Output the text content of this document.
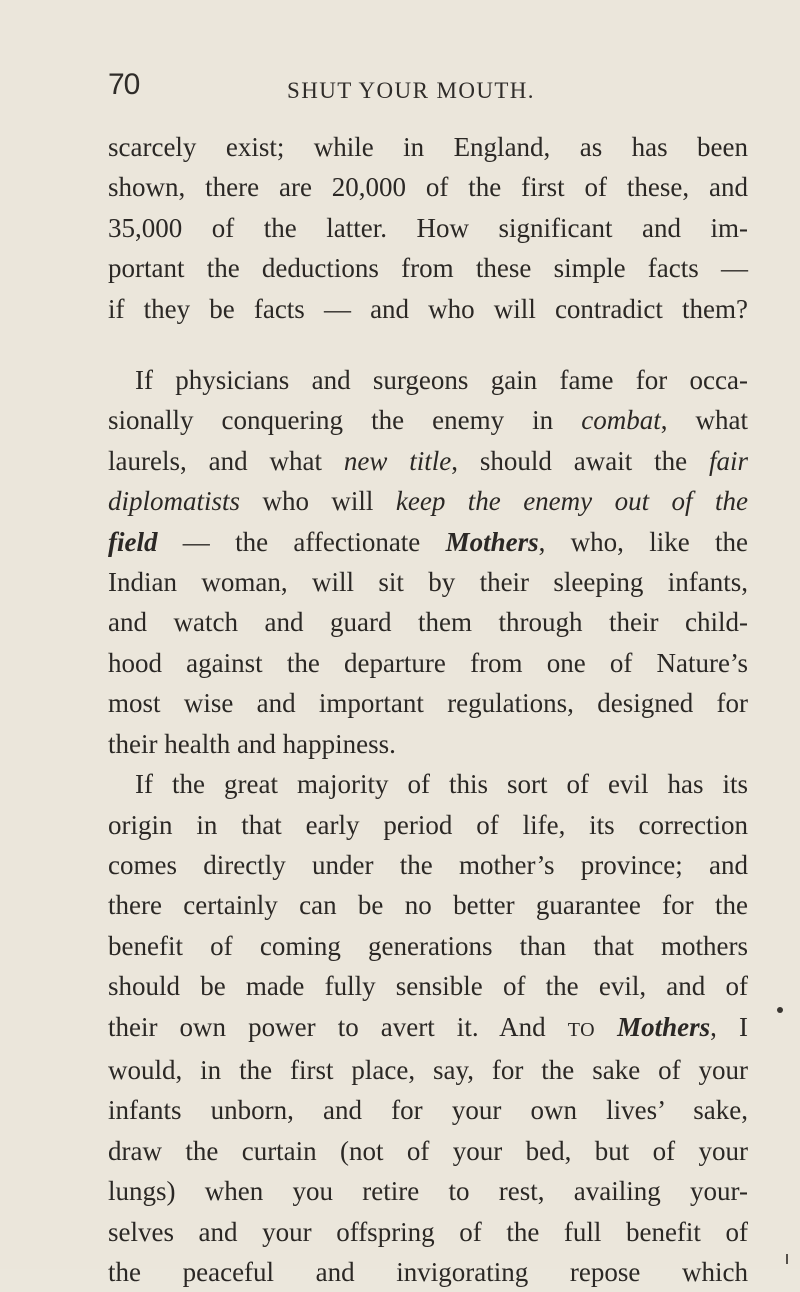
70	SHUT YOUR MOUTH.
scarcely exist; while in England, as has been
shown, there are 20,000 of the first of these, and
35,000 of the latter. How significant and im-
portant the deductions from these simple facts —
if they be facts — and who will contradict them?
If physicians and surgeons gain fame for occa-
sionally conquering the enemy in combat, what
laurels, and what new title, should await the fair
diplomatists who will keep the enemy out of the
field — the affectionate Mothers, who, like the
Indian woman, will sit by their sleeping infants,
and watch and guard them through their child-
hood against the departure from one of Nature’s
most wise and important regulations, designed for
their health and happiness.
If the great majority of this sort of evil has its
origin in that early period of life, its correction
comes directly under the mother’s province; and
there certainly can be no better guarantee for the
benefit of coming generations than that mothers
should be made fully sensible of the evil, and of
their own power to avert it. And TO Mothers, I
would, in the first place, say, for the sake of your
infants unborn, and for your own lives’ sake,
draw the curtain (not of your bed, but of your
lungs) when you retire to rest, availing your-
selves and your offspring of the full benefit of
the peaceful and invigorating repose which
